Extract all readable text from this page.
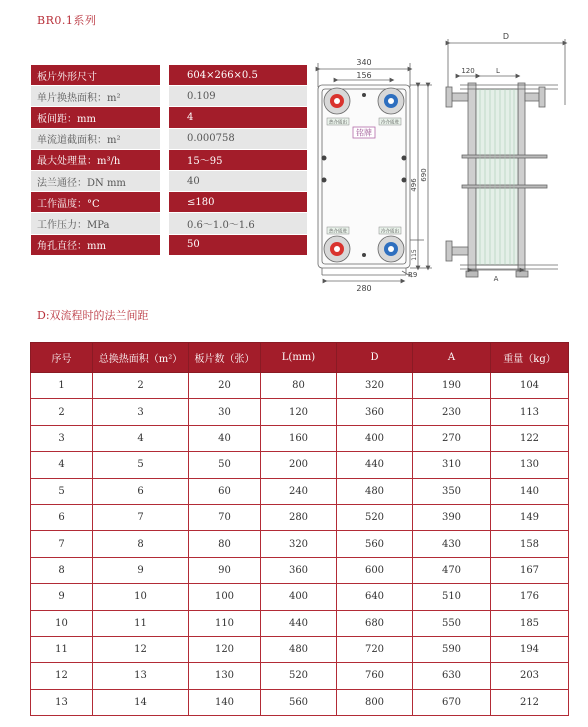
BR0.1系列
板片外形尺寸		604×266×0.5
单片换热面积：m²		0.109
板间距：mm		4
单流道截面积：m²		0.000758
最大处理量：m³/h		15～95
法兰通径：DN mm		40
工作温度：°C		≤180
工作压力：MPa		0.6～1.0～1.6
角孔直径：mm		50
热介质出	冷介质进
热介质进	冷介质出
铭牌
340
156
280
R9
496
690
115
D
120	L
A
D:双流程时的法兰间距
序号	总换热面积（m²）	板片数（张）	L(mm)	D	A	重量（kg）
1	2	20	80	320	190	104
2	3	30	120	360	230	113
3	4	40	160	400	270	122
4	5	50	200	440	310	130
5	6	60	240	480	350	140
6	7	70	280	520	390	149
7	8	80	320	560	430	158
8	9	90	360	600	470	167
9	10	100	400	640	510	176
10	11	110	440	680	550	185
11	12	120	480	720	590	194
12	13	130	520	760	630	203
13	14	140	560	800	670	212
